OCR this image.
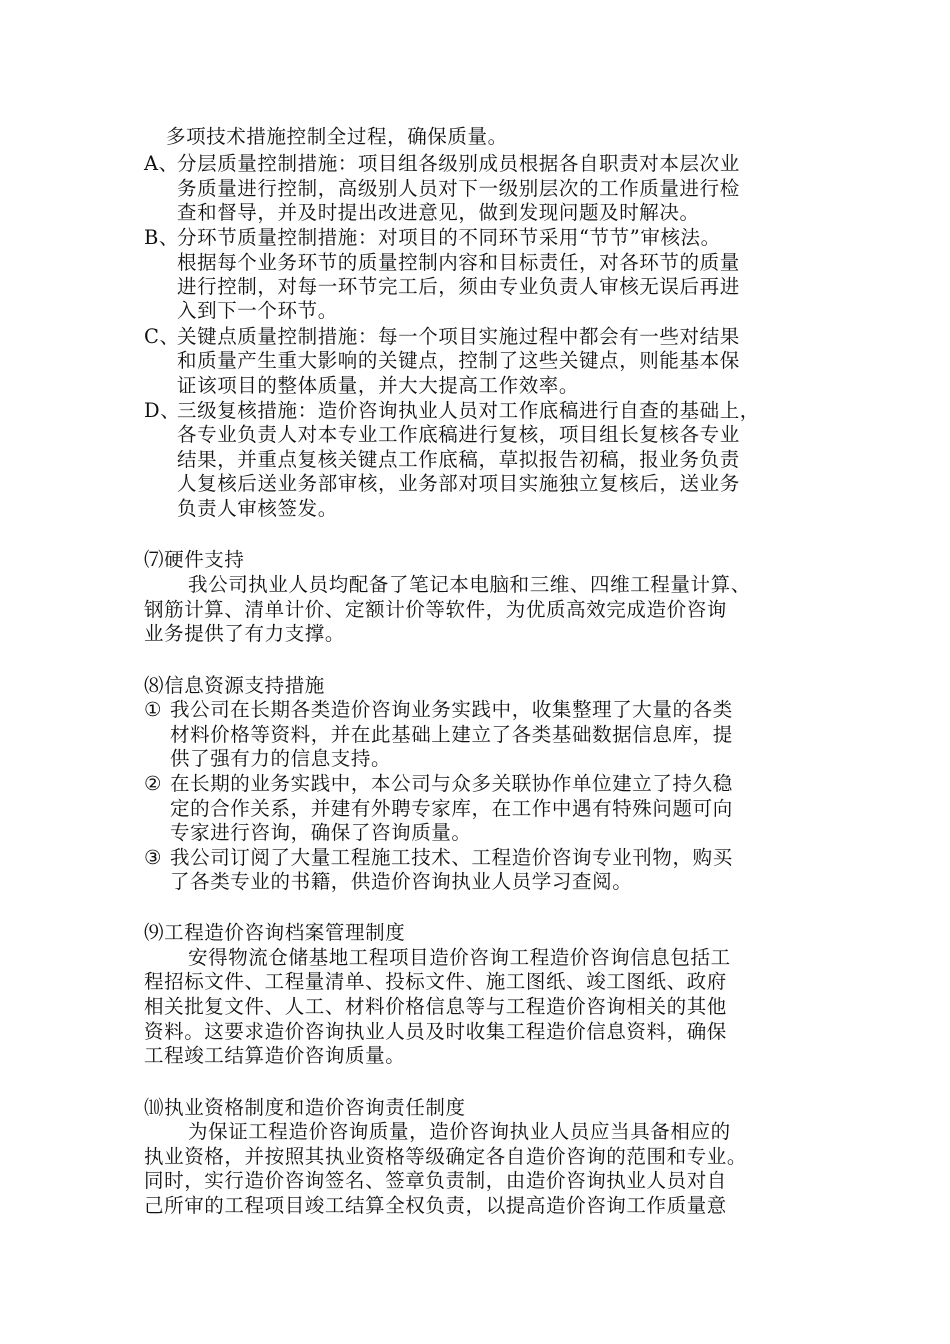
多项技术措施控制全过程，确保质量。
A、
分层质量控制措施：项目组各级别成员根据各自职责对本层次业
务质量进行控制，高级别人员对下一级别层次的工作质量进行检
查和督导，并及时提出改进意见，做到发现问题及时解决。
B、
分环节质量控制措施：对项目的不同环节采用“节节”审核法。
根据每个业务环节的质量控制内容和目标责任，对各环节的质量
进行控制，对每一环节完工后，须由专业负责人审核无误后再进
入到下一个环节。
C、
关键点质量控制措施：每一个项目实施过程中都会有一些对结果
和质量产生重大影响的关键点，控制了这些关键点，则能基本保
证该项目的整体质量，并大大提高工作效率。
D、
三级复核措施：造价咨询执业人员对工作底稿进行自查的基础上，
各专业负责人对本专业工作底稿进行复核，项目组长复核各专业
结果，并重点复核关键点工作底稿，草拟报告初稿，报业务负责
人复核后送业务部审核，业务部对项目实施独立复核后，送业务
负责人审核签发。
⑺硬件支持
我公司执业人员均配备了笔记本电脑和三维、四维工程量计算、
钢筋计算、清单计价、定额计价等软件，为优质高效完成造价咨询
业务提供了有力支撑。
⑻信息资源支持措施
① 我公司在长期各类造价咨询业务实践中，收集整理了大量的各类
材料价格等资料，并在此基础上建立了各类基础数据信息库，提
供了强有力的信息支持。
② 在长期的业务实践中，本公司与众多关联协作单位建立了持久稳
定的合作关系，并建有外聘专家库，在工作中遇有特殊问题可向
专家进行咨询，确保了咨询质量。
③ 我公司订阅了大量工程施工技术、工程造价咨询专业刊物，购买
了各类专业的书籍，供造价咨询执业人员学习查阅。
⑼工程造价咨询档案管理制度
安得物流仓储基地工程项目造价咨询工程造价咨询信息包括工
程招标文件、工程量清单、投标文件、施工图纸、竣工图纸、政府
相关批复文件、人工、材料价格信息等与工程造价咨询相关的其他
资料。这要求造价咨询执业人员及时收集工程造价信息资料，确保
工程竣工结算造价咨询质量。
⑽执业资格制度和造价咨询责任制度
为保证工程造价咨询质量，造价咨询执业人员应当具备相应的
执业资格，并按照其执业资格等级确定各自造价咨询的范围和专业。
同时，实行造价咨询签名、签章负责制，由造价咨询执业人员对自
己所审的工程项目竣工结算全权负责，以提高造价咨询工作质量意
